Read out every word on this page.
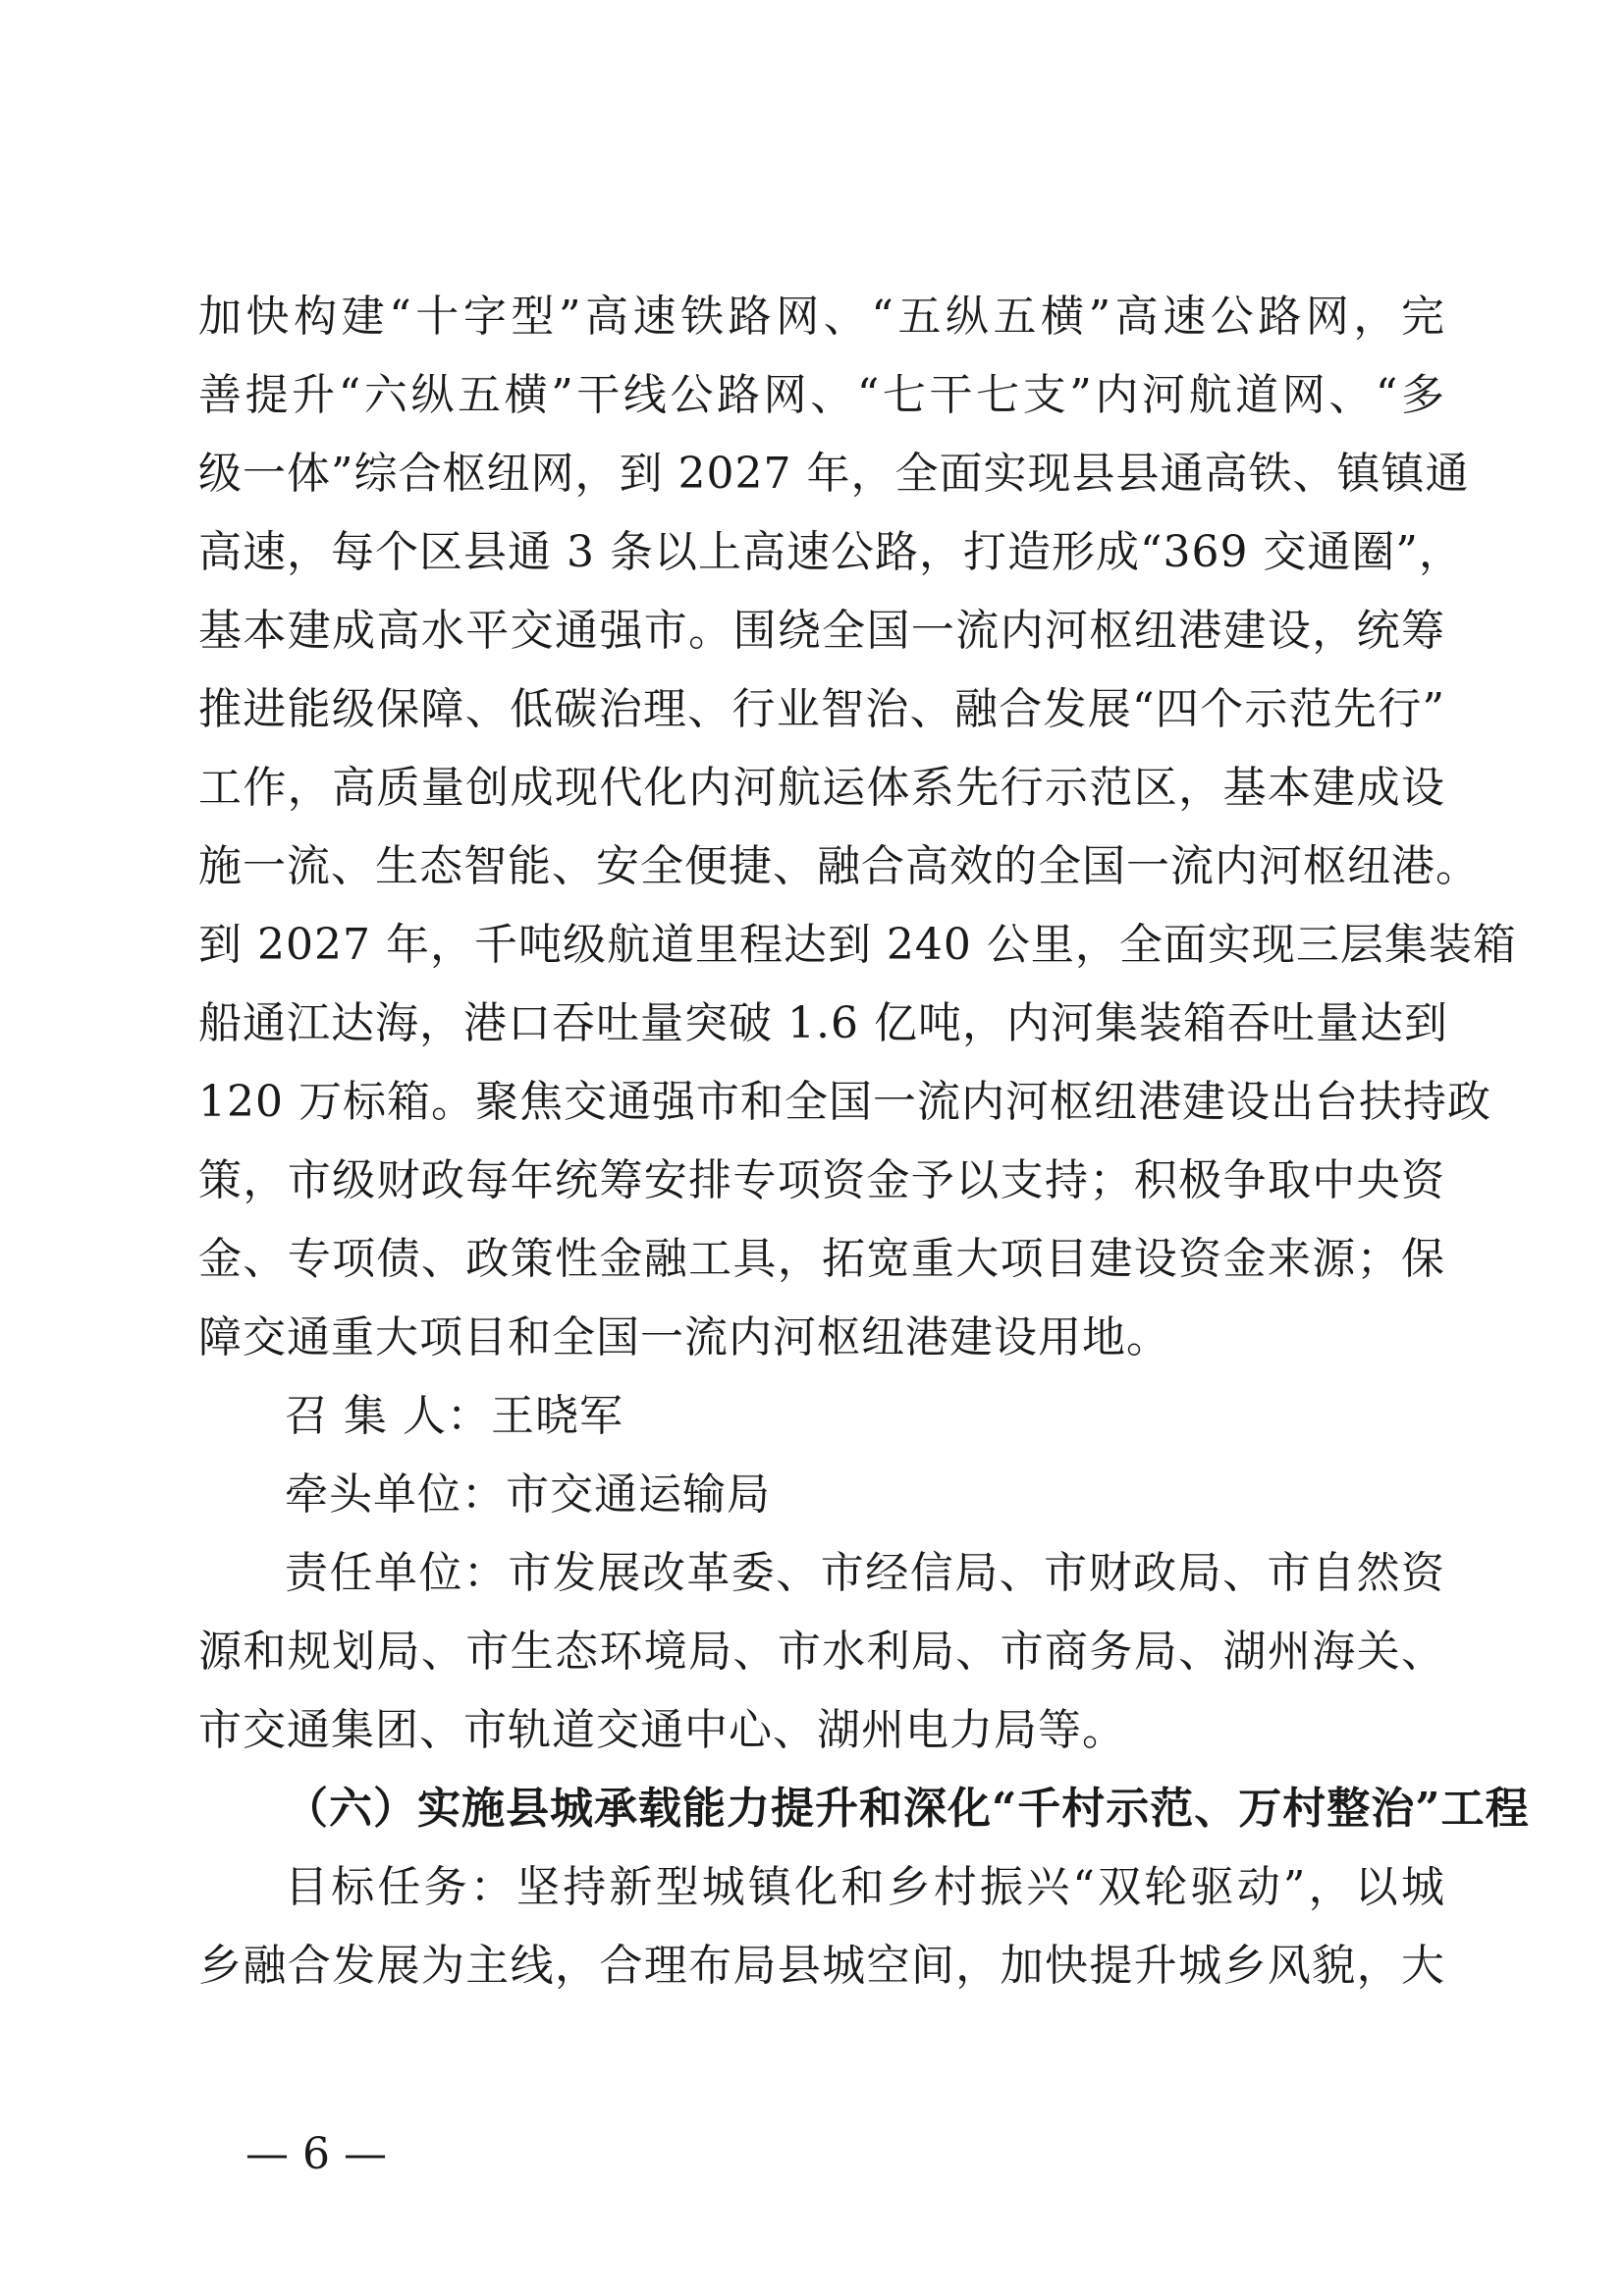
加快构建“十字型”高速铁路网、“五纵五横”高速公路网，完
善提升“六纵五横”干线公路网、“七干七支”内河航道网、“多
级一体”综合枢纽网，到 2027 年，全面实现县县通高铁、镇镇通
高速，每个区县通 3 条以上高速公路，打造形成“369 交通圈”，
基本建成高水平交通强市。围绕全国一流内河枢纽港建设，统筹
推进能级保障、低碳治理、行业智治、融合发展“四个示范先行”
工作，高质量创成现代化内河航运体系先行示范区，基本建成设
施一流、生态智能、安全便捷、融合高效的全国一流内河枢纽港。
到 2027 年，千吨级航道里程达到 240 公里，全面实现三层集装箱
船通江达海，港口吞吐量突破 1.6 亿吨，内河集装箱吞吐量达到
120 万标箱。聚焦交通强市和全国一流内河枢纽港建设出台扶持政
策，市级财政每年统筹安排专项资金予以支持；积极争取中央资
金、专项债、政策性金融工具，拓宽重大项目建设资金来源；保
障交通重大项目和全国一流内河枢纽港建设用地。
召 集 人：王晓军
牵头单位：市交通运输局
责任单位：市发展改革委、市经信局、市财政局、市自然资
源和规划局、市生态环境局、市水利局、市商务局、湖州海关、
市交通集团、市轨道交通中心、湖州电力局等。
（六）实施县城承载能力提升和深化“千村示范、万村整治”工程
目标任务：坚持新型城镇化和乡村振兴“双轮驱动”，以城
乡融合发展为主线，合理布局县城空间，加快提升城乡风貌，大
— 6 —
